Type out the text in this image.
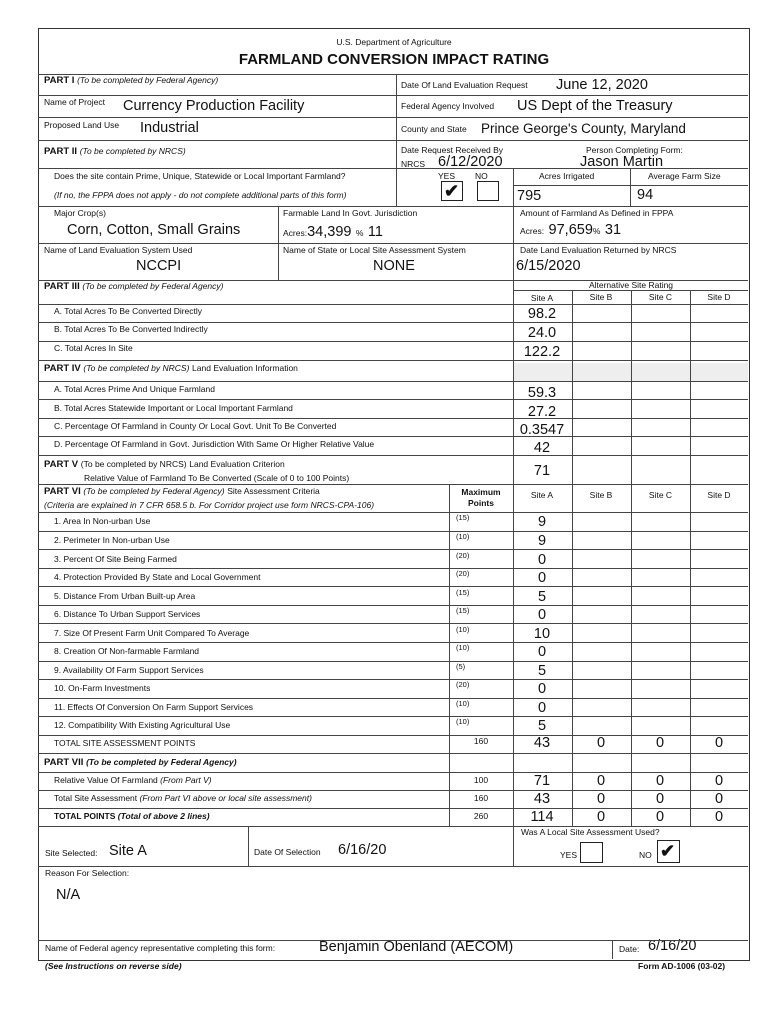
U.S. Department of Agriculture
FARMLAND CONVERSION IMPACT RATING
PART I (To be completed by Federal Agency)	Date Of Land Evaluation Request June 12, 2020
Name of Project Currency Production Facility	Federal Agency Involved US Dept of the Treasury
Proposed Land Use Industrial	County and State Prince George's County, Maryland
PART II (To be completed by NRCS)	Date Request Received By
NRCS 6/12/2020
Person Completing Form:
Jason Martin
Does the site contain Prime, Unique, Statewide or Local Important Farmland?
(If no, the FPPA does not apply - do not complete additional parts of this form)
YES NO
✔
Acres Irrigated
795
Average Farm Size
94
Major Crop(s)
Corn, Cotton, Small Grains
Farmable Land In Govt. Jurisdiction
Acres:34,399 % 11
Amount of Farmland As Defined in FPPA
Acres: 97,659% 31
Name of Land Evaluation System Used
NCCPI
Name of State or Local Site Assessment System
NONE
Date Land Evaluation Returned by NRCS
6/15/2020
PART III (To be completed by Federal Agency)	Alternative Site Rating
Site A	Site B	Site C	Site D
A. Total Acres To Be Converted Directly	98.2
B. Total Acres To Be Converted Indirectly	24.0
C. Total Acres In Site	122.2
PART IV (To be completed by NRCS) Land Evaluation Information
A. Total Acres Prime And Unique Farmland	59.3
B. Total Acres Statewide Important or Local Important Farmland	27.2
C. Percentage Of Farmland in County Or Local Govt. Unit To Be Converted	0.3547
D. Percentage Of Farmland in Govt. Jurisdiction With Same Or Higher Relative Value	42
PART V (To be completed by NRCS) Land Evaluation Criterion
Relative Value of Farmland To Be Converted (Scale of 0 to 100 Points)	71
PART VI (To be completed by Federal Agency) Site Assessment Criteria
(Criteria are explained in 7 CFR 658.5 b. For Corridor project use form NRCS-CPA-106)
Maximum
Points
Site A	Site B	Site C	Site D
1. Area In Non-urban Use	(15)	9
2. Perimeter In Non-urban Use	(10)	9
3. Percent Of Site Being Farmed	(20)	0
4. Protection Provided By State and Local Government	(20)	0
5. Distance From Urban Built-up Area	(15)	5
6. Distance To Urban Support Services	(15)	0
7. Size Of Present Farm Unit Compared To Average	(10)	10
8. Creation Of Non-farmable Farmland	(10)	0
9. Availability Of Farm Support Services	(5)	5
10. On-Farm Investments	(20)	0
11. Effects Of Conversion On Farm Support Services	(10)	0
12. Compatibility With Existing Agricultural Use	(10)	5
TOTAL SITE ASSESSMENT POINTS	160	43	0	0	0
PART VII (To be completed by Federal Agency)
Relative Value Of Farmland (From Part V)	100	71	0	0	0
Total Site Assessment (From Part VI above or local site assessment)	160	43	0	0	0
TOTAL POINTS (Total of above 2 lines)	260	114	0	0	0
Site Selected: Site A	Date Of Selection 6/16/20
Was A Local Site Assessment Used?
YES	NO ✔
Reason For Selection:
N/A
Name of Federal agency representative completing this form:	Benjamin Obenland (AECOM)	Date: 6/16/20
(See Instructions on reverse side)	Form AD-1006 (03-02)
